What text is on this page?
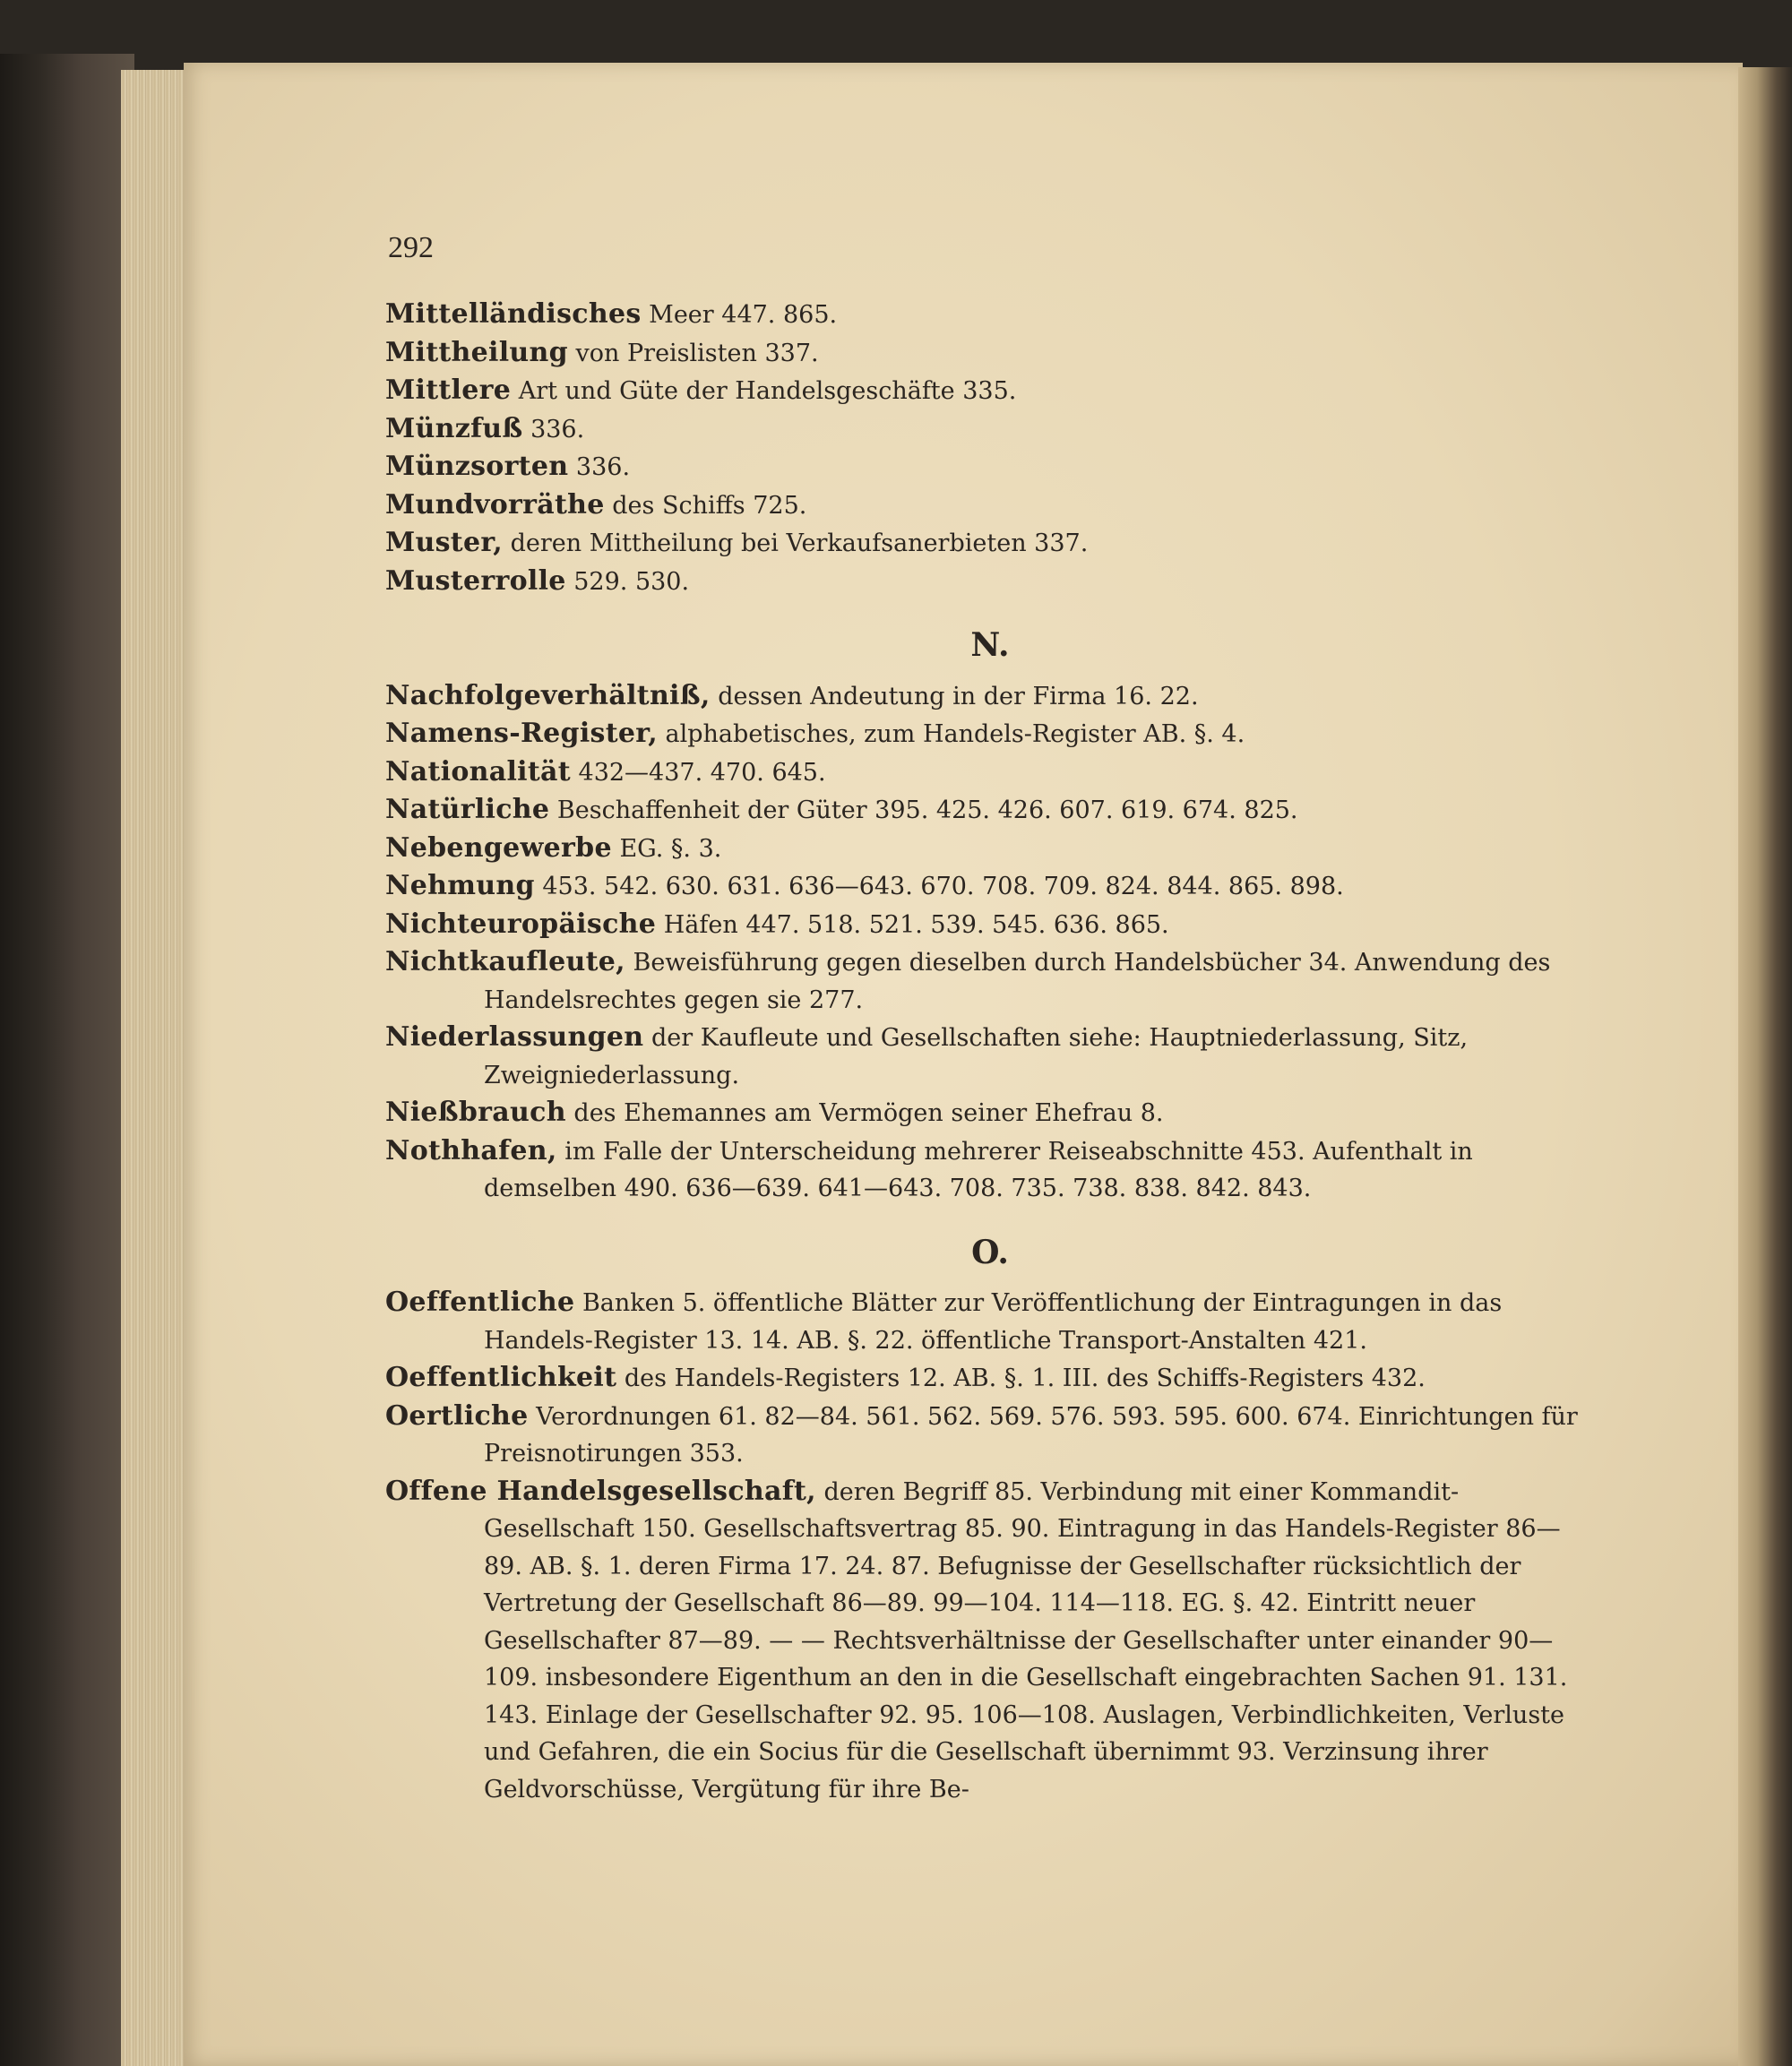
292
Mittelländisches Meer 447. 865.
Mittheilung von Preislisten 337.
Mittlere Art und Güte der Handelsgeschäfte 335.
Münzfuß 336.
Münzsorten 336.
Mundvorräthe des Schiffs 725.
Muster, deren Mittheilung bei Verkaufsanerbieten 337.
Musterrolle 529. 530.
N.
Nachfolgeverhältniß, dessen Andeutung in der Firma 16. 22.
Namens-Register, alphabetisches, zum Handels-Register AB. §. 4.
Nationalität 432—437. 470. 645.
Natürliche Beschaffenheit der Güter 395. 425. 426. 607. 619. 674. 825.
Nebengewerbe EG. §. 3.
Nehmung 453. 542. 630. 631. 636—643. 670. 708. 709. 824. 844. 865. 898.
Nichteuropäische Häfen 447. 518. 521. 539. 545. 636. 865.
Nichtkaufleute, Beweisführung gegen dieselben durch Handelsbücher 34. Anwendung des Handelsrechtes gegen sie 277.
Niederlassungen der Kaufleute und Gesellschaften siehe: Hauptniederlassung, Sitz, Zweigniederlassung.
Nießbrauch des Ehemannes am Vermögen seiner Ehefrau 8.
Nothhafen, im Falle der Unterscheidung mehrerer Reiseabschnitte 453. Aufenthalt in demselben 490. 636—639. 641—643. 708. 735. 738. 838. 842. 843.
O.
Oeffentliche Banken 5. öffentliche Blätter zur Veröffentlichung der Eintragungen in das Handels-Register 13. 14. AB. §. 22. öffentliche Transport-Anstalten 421.
Oeffentlichkeit des Handels-Registers 12. AB. §. 1. III. des Schiffs-Registers 432.
Oertliche Verordnungen 61. 82—84. 561. 562. 569. 576. 593. 595. 600. 674. Einrichtungen für Preisnotirungen 353.
Offene Handelsgesellschaft, deren Begriff 85. Verbindung mit einer Kommandit-Gesellschaft 150. Gesellschaftsvertrag 85. 90. Eintragung in das Handels-Register 86—89. AB. §. 1. deren Firma 17. 24. 87. Befugnisse der Gesellschafter rücksichtlich der Vertretung der Gesellschaft 86—89. 99—104. 114—118. EG. §. 42. Eintritt neuer Gesellschafter 87—89. — — Rechtsverhältnisse der Gesellschafter unter einander 90—109. insbesondere Eigenthum an den in die Gesellschaft eingebrachten Sachen 91. 131. 143. Einlage der Gesellschafter 92. 95. 106—108. Auslagen, Verbindlichkeiten, Verluste und Gefahren, die ein Socius für die Gesellschaft übernimmt 93. Verzinsung ihrer Geldvorschüsse, Vergütung für ihre Be-
